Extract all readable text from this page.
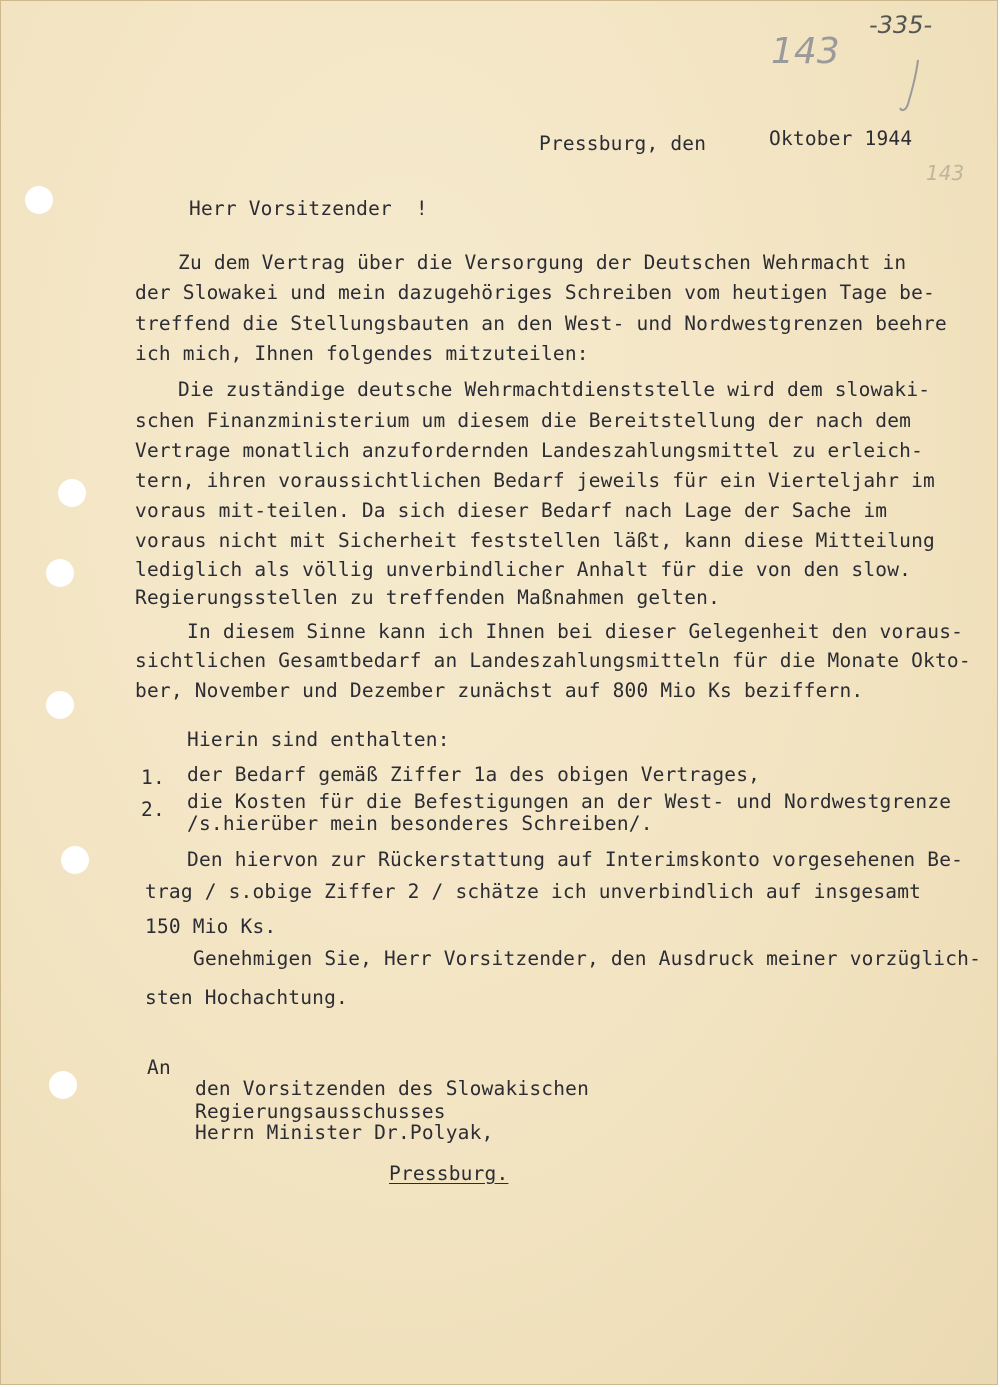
-335-
143
143
Pressburg, den	Oktober 1944
Herr Vorsitzender  !
Zu dem Vertrag über die Versorgung der Deutschen Wehrmacht in
der Slowakei und mein dazugehöriges Schreiben vom heutigen Tage be-
treffend die Stellungsbauten an den West- und Nordwestgrenzen beehre
ich mich, Ihnen folgendes mitzuteilen:
Die zuständige deutsche Wehrmachtdienststelle wird dem slowaki-
schen Finanzministerium um diesem die Bereitstellung der nach dem
Vertrage monatlich anzufordernden Landeszahlungsmittel zu erleich-
tern, ihren voraussichtlichen Bedarf jeweils für ein Vierteljahr im
voraus mit-teilen. Da sich dieser Bedarf nach Lage der Sache im
voraus nicht mit Sicherheit feststellen läßt, kann diese Mitteilung
lediglich als völlig unverbindlicher Anhalt für die von den slow.
Regierungsstellen zu treffenden Maßnahmen gelten.
In diesem Sinne kann ich Ihnen bei dieser Gelegenheit den voraus-
sichtlichen Gesamtbedarf an Landeszahlungsmitteln für die Monate Okto-
ber, November und Dezember zunächst auf 800 Mio Ks beziffern.
Hierin sind enthalten:
1. der Bedarf gemäß Ziffer 1a des obigen Vertrages,
2. die Kosten für die Befestigungen an der West- und Nordwestgrenze
/s.hierüber mein besonderes Schreiben/.
Den hiervon zur Rückerstattung auf Interimskonto vorgesehenen Be-
trag / s.obige Ziffer 2 / schätze ich unverbindlich auf insgesamt
150 Mio Ks.
Genehmigen Sie, Herr Vorsitzender, den Ausdruck meiner vorzüglich-
sten Hochachtung.
An
den Vorsitzenden des Slowakischen
Regierungsausschusses
Herrn Minister Dr.Polyak,
Pressburg.
